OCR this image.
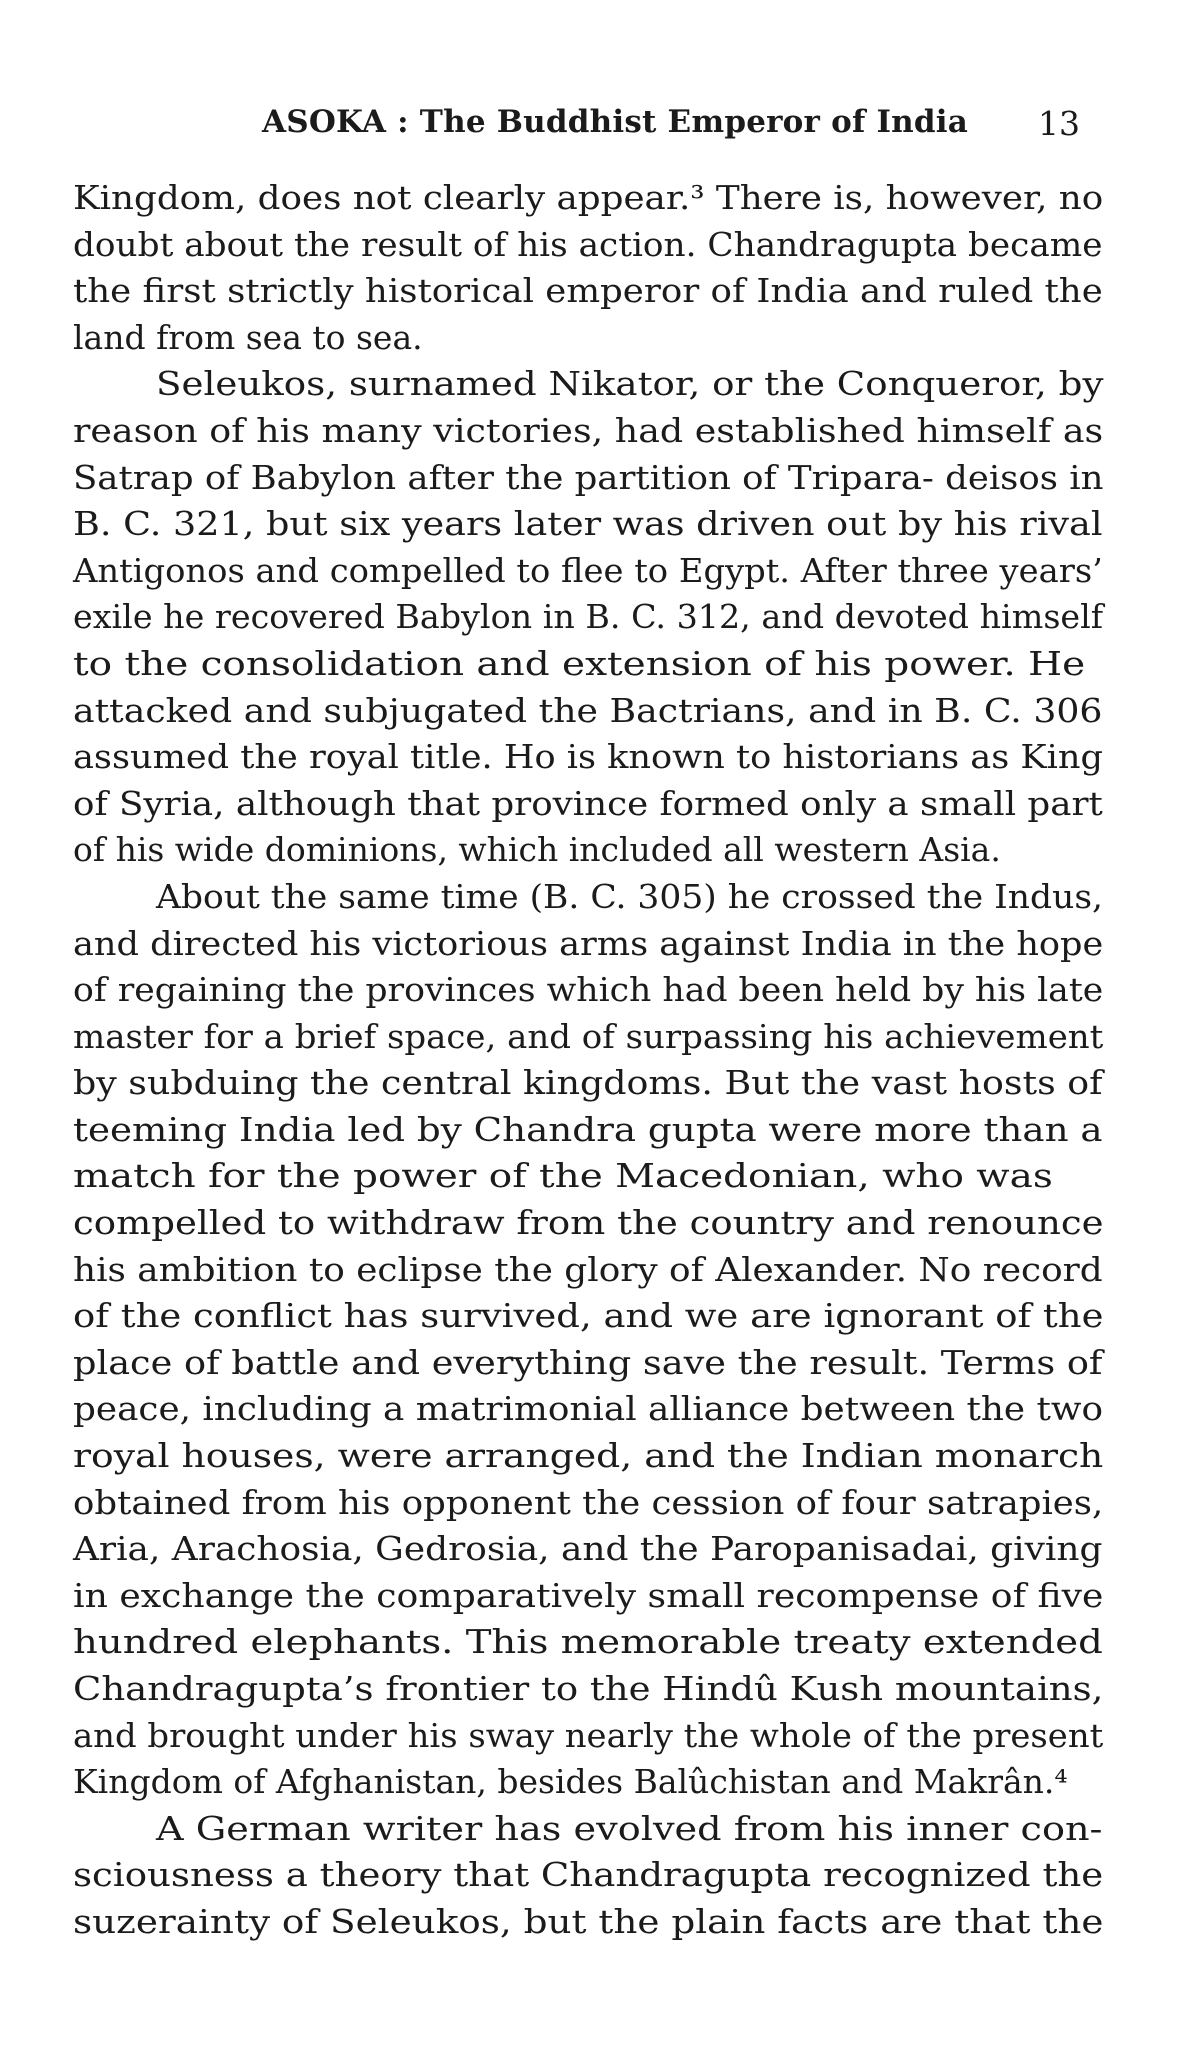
ASOKA : The Buddhist Emperor of India 13
Kingdom, does not clearly appear.³ There is, however, no
doubt about the result of his action. Chandragupta became
the first strictly historical emperor of India and ruled the
land from sea to sea.
Seleukos, surnamed Nikator, or the Conqueror, by
reason of his many victories, had established himself as
Satrap of Babylon after the partition of Tripara- deisos in
B. C. 321, but six years later was driven out by his rival
Antigonos and compelled to flee to Egypt. After three years’
exile he recovered Babylon in B. C. 312, and devoted himself
to the consolidation and extension of his power. He
attacked and subjugated the Bactrians, and in B. C. 306
assumed the royal title. Ho is known to historians as King
of Syria, although that province formed only a small part
of his wide dominions, which included all western Asia.
About the same time (B. C. 305) he crossed the Indus,
and directed his victorious arms against India in the hope
of regaining the provinces which had been held by his late
master for a brief space, and of surpassing his achievement
by subduing the central kingdoms. But the vast hosts of
teeming India led by Chandra gupta were more than a
match for the power of the Macedonian, who was
compelled to withdraw from the country and renounce
his ambition to eclipse the glory of Alexander. No record
of the conflict has survived, and we are ignorant of the
place of battle and everything save the result. Terms of
peace, including a matrimonial alliance between the two
royal houses, were arranged, and the Indian monarch
obtained from his opponent the cession of four satrapies,
Aria, Arachosia, Gedrosia, and the Paropanisadai, giving
in exchange the comparatively small recompense of five
hundred elephants. This memorable treaty extended
Chandragupta’s frontier to the Hindû Kush mountains,
and brought under his sway nearly the whole of the present
Kingdom of Afghanistan, besides Balûchistan and Makrân.⁴
A German writer has evolved from his inner con-
sciousness a theory that Chandragupta recognized the
suzerainty of Seleukos, but the plain facts are that the
